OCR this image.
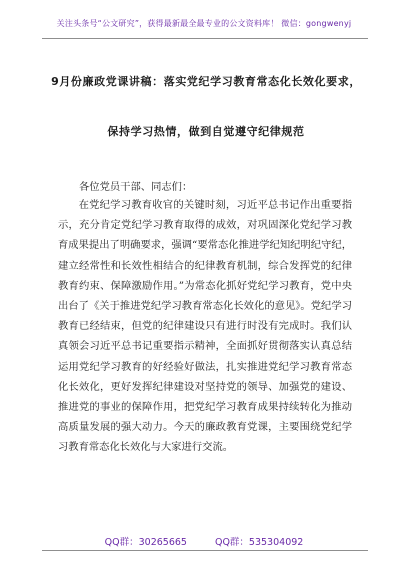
关注头条号“公文研究”，获得最新最全最专业的公文资料库！ 微信：gongwenyj
9月份廉政党课讲稿：落实党纪学习教育常态化长效化要求，
保持学习热情，做到自觉遵守纪律规范
各位党员干部、同志们：
在党纪学习教育收官的关键时刻，习近平总书记作出重要指示，充分肯定党纪学习教育取得的成效，对巩固深化党纪学习教育成果提出了明确要求，强调“要常态化推进学纪知纪明纪守纪，建立经常性和长效性相结合的纪律教育机制，综合发挥党的纪律教育约束、保障激励作用。”为常态化抓好党纪学习教育，党中央出台了《关于推进党纪学习教育常态化长效化的意见》。党纪学习教育已经结束，但党的纪律建设只有进行时没有完成时。我们认真领会习近平总书记重要指示精神，全面抓好贯彻落实认真总结运用党纪学习教育的好经验好做法，扎实推进党纪学习教育常态化长效化，更好发挥纪律建设对坚持党的领导、加强党的建设、推进党的事业的保障作用，把党纪学习教育成果持续转化为推动高质量发展的强大动力。今天的廉政教育党课，主要围绕党纪学习教育常态化长效化与大家进行交流。
QQ群：30265665	QQ群：535304092
